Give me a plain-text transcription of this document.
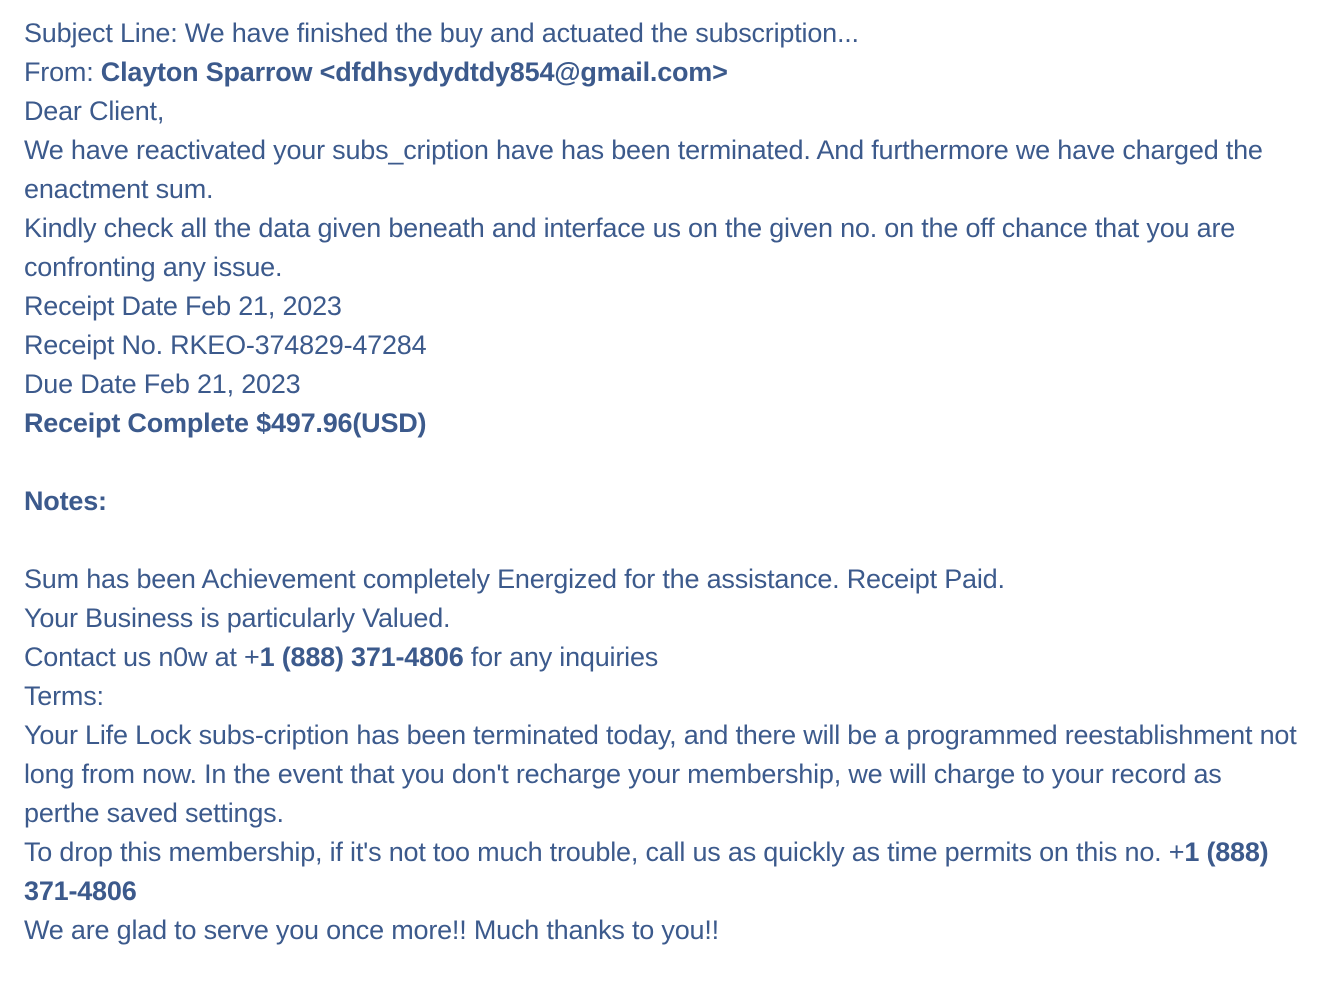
Subject Line: We have finished the buy and actuated the subscription...
From: Clayton Sparrow <dfdhsydydtdy854@gmail.com>
Dear Client,
We have reactivated your subs_cription have has been terminated. And furthermore we have charged the enactment sum.
Kindly check all the data given beneath and interface us on the given no. on the off chance that you are confronting any issue.
Receipt Date Feb 21, 2023
Receipt No. RKEO-374829-47284
Due Date Feb 21, 2023
Receipt Complete $497.96(USD)
Notes:
Sum has been Achievement completely Energized for the assistance. Receipt Paid.
Your Business is particularly Valued.
Contact us n0w at +1 (888) 371-4806 for any inquiries
Terms:
Your Life Lock subs-cription has been terminated today, and there will be a programmed reestablishment not long from now. In the event that you don't recharge your membership, we will charge to your record as perthe saved settings.
To drop this membership, if it's not too much trouble, call us as quickly as time permits on this no. +1 (888) 371-4806
We are glad to serve you once more!! Much thanks to you!!
